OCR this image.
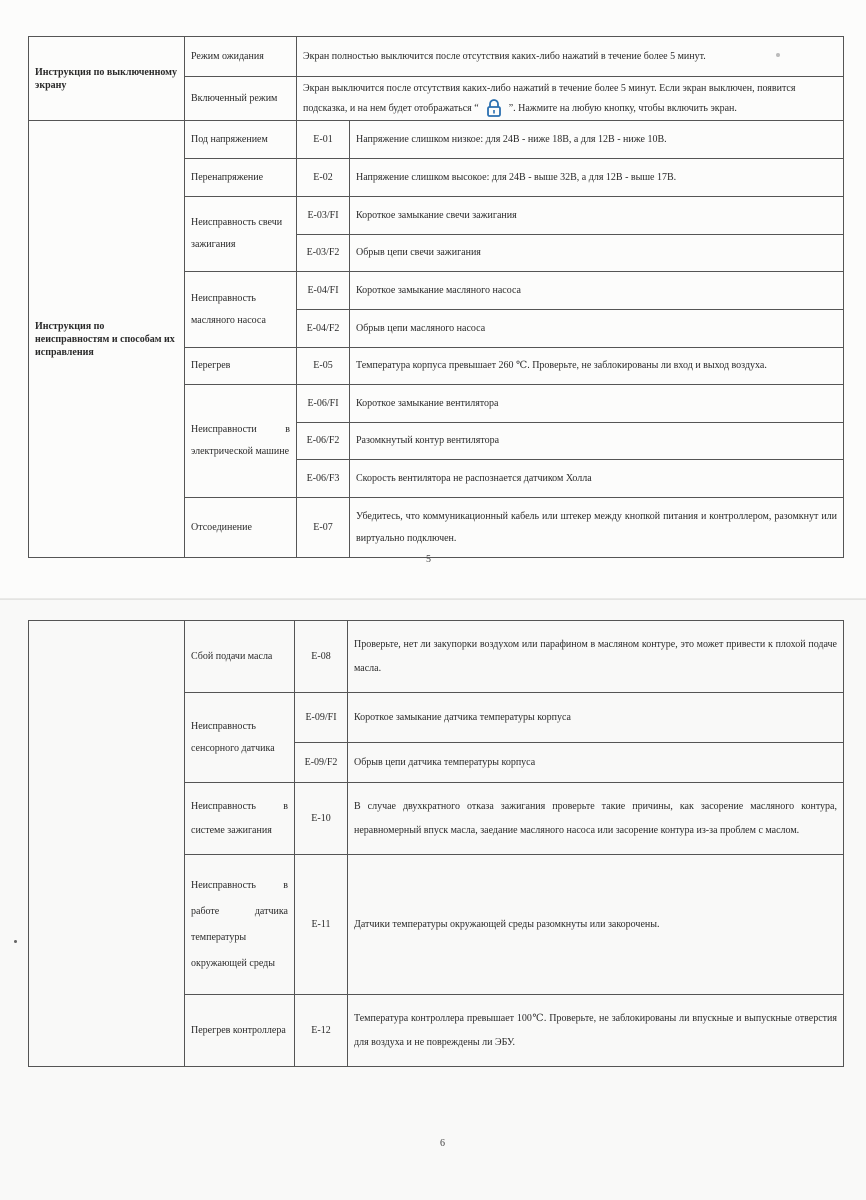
Инструкция по выключенному экрану	Режим ожидания	Экран полностью выключится после отсутствия каких-либо нажатий в течение более 5 минут.	
	Включенный режим	Экран выключится после отсутствия каких-либо нажатий в течение более 5 минут. Если экран выключен, появится подсказка, и на нем будет отображаться “ ”. Нажмите на любую кнопку, чтобы включить экран.	
Инструкция по неисправностям и способам их исправления	Под напряжением	E-01	Напряжение слишком низкое: для 24В - ниже 18В, а для 12В - ниже 10В.
	Перенапряжение	E-02	Напряжение слишком высокое: для 24В - выше 32В, а для 12В - выше 17В.
	Неисправность свечи зажигания	E-03/FI	Короткое замыкание свечи зажигания
		E-03/F2	Обрыв цепи свечи зажигания
	Неисправность масляного насоса	E-04/FI	Короткое замыкание масляного насоса
		E-04/F2	Обрыв цепи масляного насоса
	Перегрев	E-05	Температура корпуса превышает 260 ℃. Проверьте, не заблокированы ли вход и выход воздуха.
	Неисправности в электрической машине	E-06/FI	Короткое замыкание вентилятора
		E-06/F2	Разомкнутый контур вентилятора
		E-06/F3	Скорость вентилятора не распознается датчиком Холла
	Отсоединение	E-07	Убедитесь, что коммуникационный кабель или штекер между кнопкой питания и контроллером, разомкнут или виртуально подключен.
5
	Сбой подачи масла	E-08	Проверьте, нет ли закупорки воздухом или парафином в масляном контуре, это может привести к плохой подаче масла.
	Неисправность сенсорного датчика	E-09/FI	Короткое замыкание датчика температуры корпуса
		E-09/F2	Обрыв цепи датчика температуры корпуса
	Неисправность в системе зажигания	E-10	В случае двухкратного отказа зажигания проверьте такие причины, как засорение масляного контура, неравномерный впуск масла, заедание масляного насоса или засорение контура из-за проблем с маслом.
	Неисправность в работе датчика температуры окружающей среды	E-11	Датчики температуры окружающей среды разомкнуты или закорочены.
	Перегрев контроллера	E-12	Температура контроллера превышает 100℃. Проверьте, не заблокированы ли впускные и выпускные отверстия для воздуха и не повреждены ли ЭБУ.
6
